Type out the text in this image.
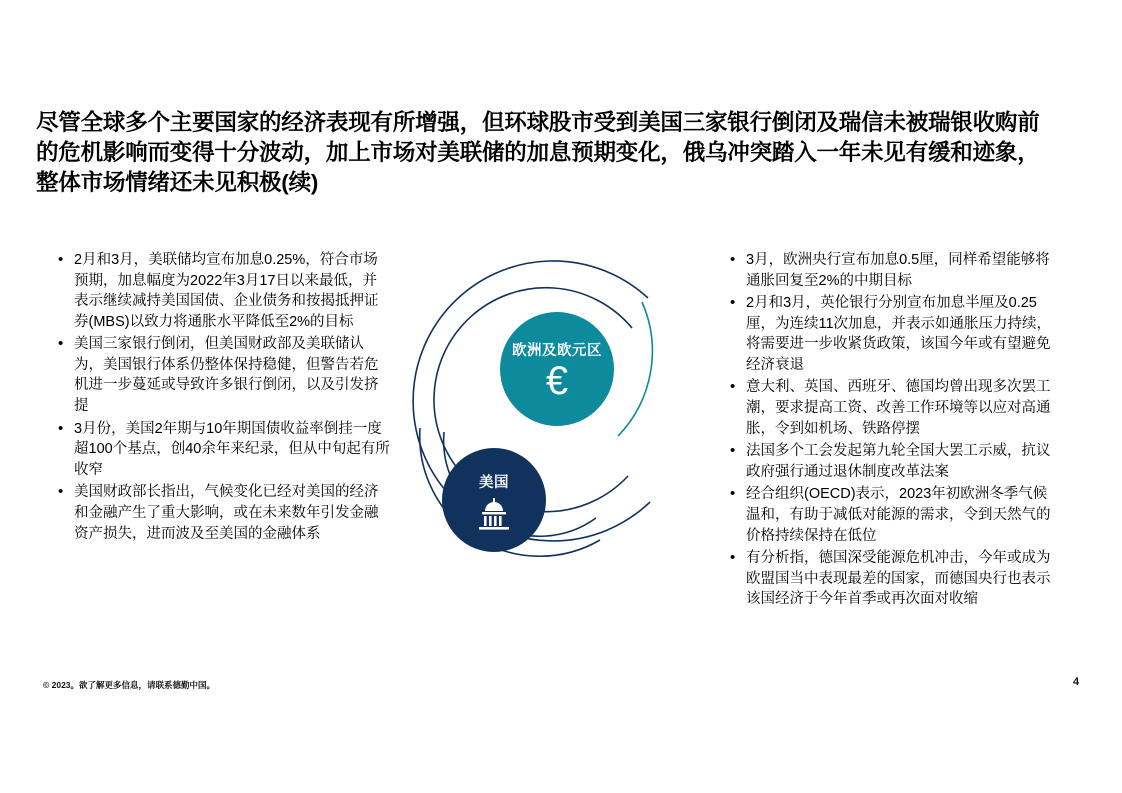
尽管全球多个主要国家的经济表现有所增强，但环球股市受到美国三家银行倒闭及瑞信未被瑞银收购前
的危机影响而变得十分波动，加上市场对美联储的加息预期变化，俄乌冲突踏入一年未见有缓和迹象，
整体市场情绪还未见积极(续)
• 2月和3月，美联储均宣布加息0.25%，符合市场预期，加息幅度为2022年3月17日以来最低，并表示继续减持美国国债、企业债务和按揭抵押证券(MBS)以致力将通胀水平降低至2%的目标
• 美国三家银行倒闭，但美国财政部及美联储认为，美国银行体系仍整体保持稳健，但警告若危机进一步蔓延或导致许多银行倒闭，以及引发挤提
• 3月份，美国2年期与10年期国债收益率倒挂一度超100个基点，创40余年来纪录，但从中旬起有所收窄
• 美国财政部长指出，气候变化已经对美国的经济和金融产生了重大影响，或在未来数年引发金融资产损失，进而波及至美国的金融体系
• 3月，欧洲央行宣布加息0.5厘，同样希望能够将通胀回复至2%的中期目标
• 2月和3月，英伦银行分别宣布加息半厘及0.25厘，为连续11次加息，并表示如通胀压力持续，将需要进一步收紧货政策，该国今年或有望避免经济衰退
• 意大利、英国、西班牙、德国均曾出现多次罢工潮，要求提高工资、改善工作环境等以应对高通胀，令到如机场、铁路停摆
• 法国多个工会发起第九轮全国大罢工示威，抗议政府强行通过退休制度改革法案
• 经合组织(OECD)表示，2023年初欧洲冬季气候温和，有助于减低对能源的需求，令到天然气的价格持续保持在低位
• 有分析指，德国深受能源危机冲击，今年或成为欧盟国当中表现最差的国家，而德国央行也表示该国经济于今年首季或再次面对收缩
欧洲及欧元区
€
美国
© 2023。欲了解更多信息，请联系德勤中国。	4
